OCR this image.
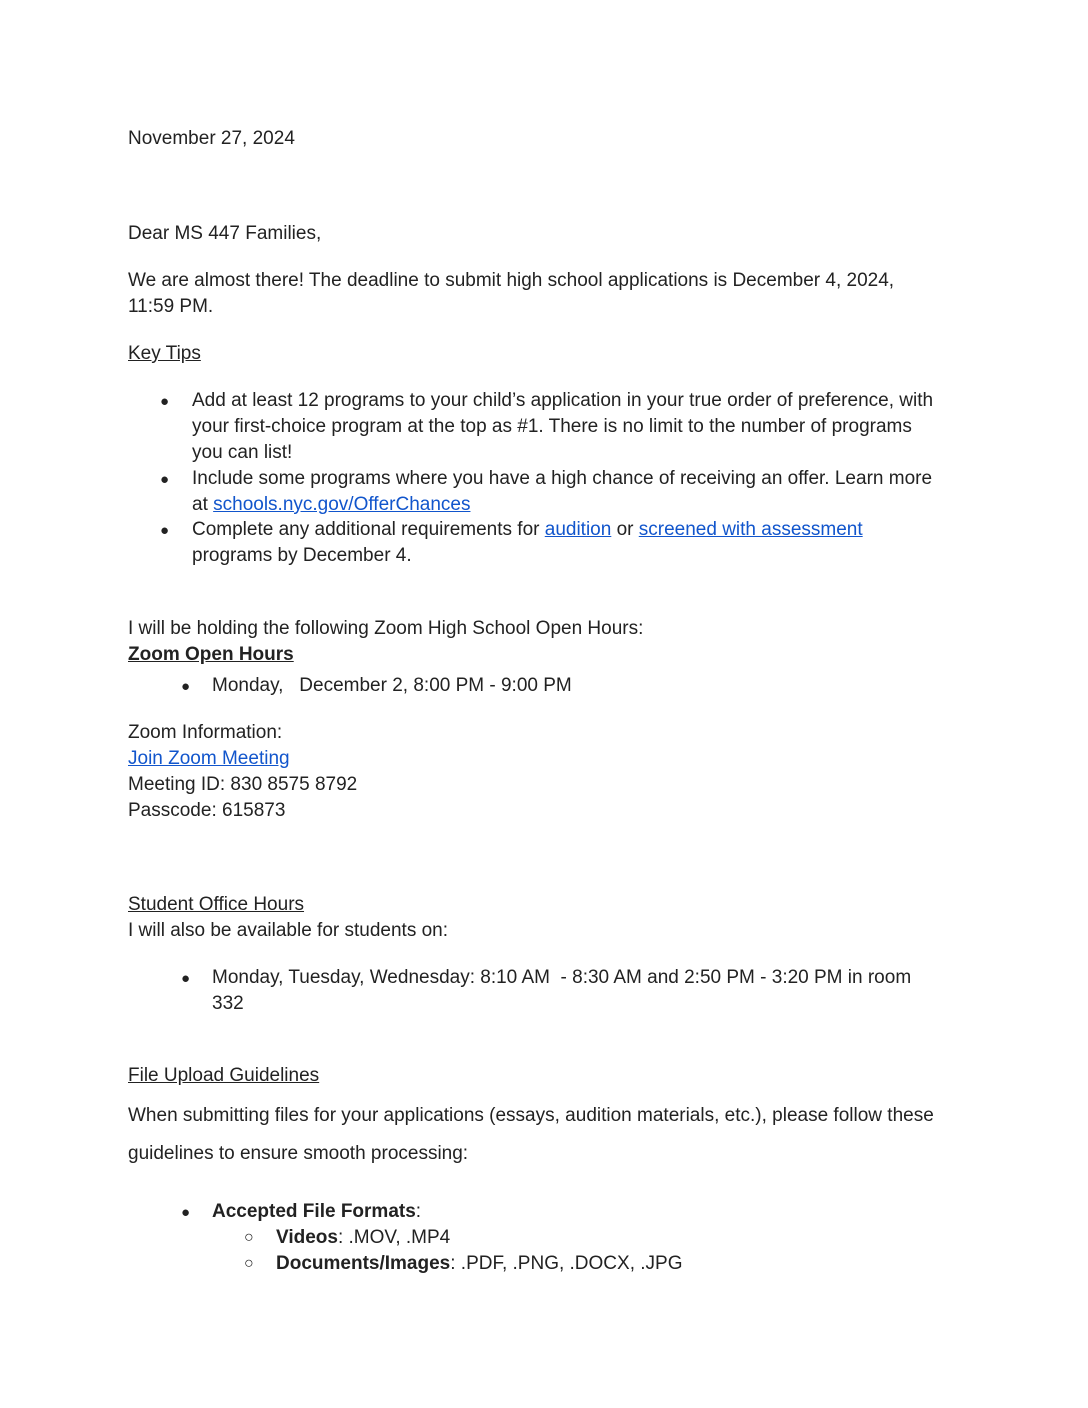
November 27, 2024
Dear MS 447 Families,
We are almost there! The deadline to submit high school applications is December 4, 2024,
11:59 PM.
Key Tips
● Add at least 12 programs to your child’s application in your true order of preference, with
your first-choice program at the top as #1. There is no limit to the number of programs
you can list!
● Include some programs where you have a high chance of receiving an offer. Learn more
at schools.nyc.gov/OfferChances
● Complete any additional requirements for audition or screened with assessment
programs by December 4.
I will be holding the following Zoom High School Open Hours:
Zoom Open Hours
● Monday,   December 2, 8:00 PM - 9:00 PM
Zoom Information:
Join Zoom Meeting
Meeting ID: 830 8575 8792
Passcode: 615873
Student Office Hours
I will also be available for students on:
● Monday, Tuesday, Wednesday: 8:10 AM  - 8:30 AM and 2:50 PM - 3:20 PM in room
332
File Upload Guidelines
When submitting files for your applications (essays, audition materials, etc.), please follow these
guidelines to ensure smooth processing:
● Accepted File Formats:
○ Videos: .MOV, .MP4
○ Documents/Images: .PDF, .PNG, .DOCX, .JPG
